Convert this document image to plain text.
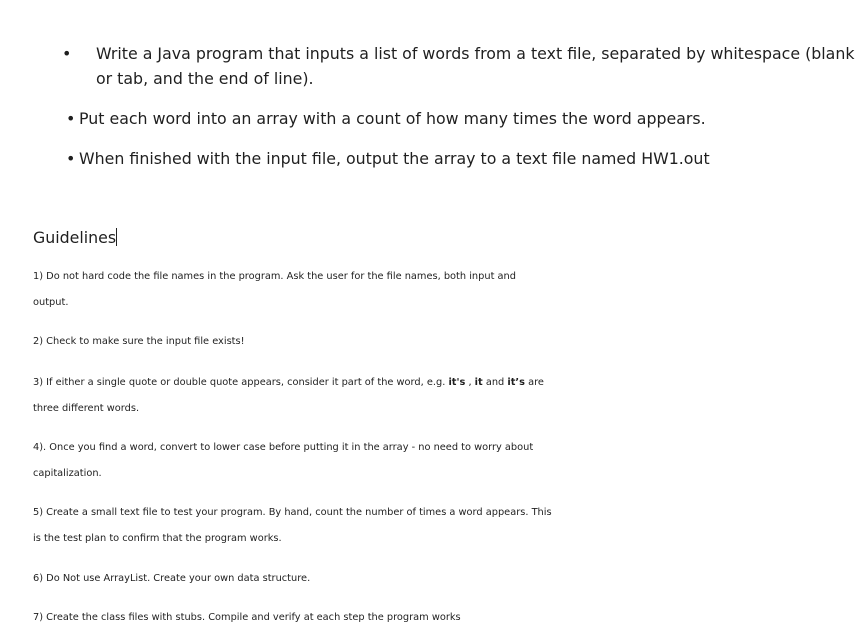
• Write a Java program that inputs a list of words from a text file, separated by whitespace (blank
or tab, and the end of line).
• Put each word into an array with a count of how many times the word appears.
• When finished with the input file, output the array to a text file named HW1.out
Guidelines
1) Do not hard code the file names in the program. Ask the user for the file names, both input and
output.
2) Check to make sure the input file exists!
3) If either a single quote or double quote appears, consider it part of the word, e.g. it's , it and it’s are
three different words.
4). Once you find a word, convert to lower case before putting it in the array - no need to worry about
capitalization.
5) Create a small text file to test your program. By hand, count the number of times a word appears. This
is the test plan to confirm that the program works.
6) Do Not use ArrayList. Create your own data structure.
7) Create the class files with stubs. Compile and verify at each step the program works
